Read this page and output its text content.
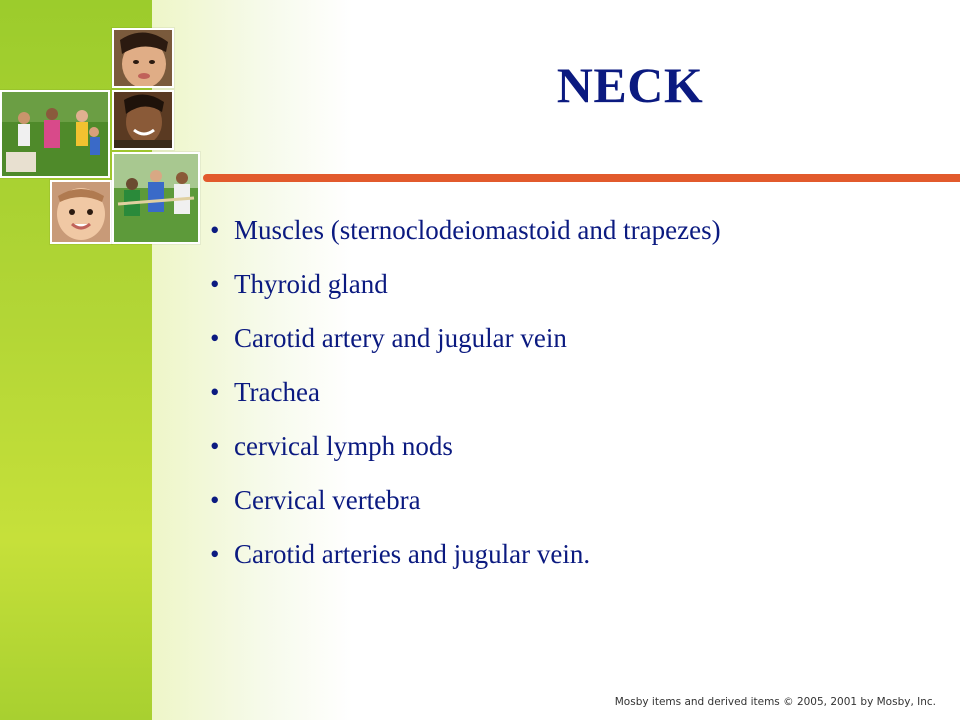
NECK
• Muscles (sternoclodeiomastoid and trapezes)
• Thyroid gland
• Carotid artery and jugular vein
• Trachea
• cervical lymph nods
• Cervical vertebra
• Carotid arteries and jugular vein.
Mosby items and derived items © 2005, 2001 by Mosby, Inc.
